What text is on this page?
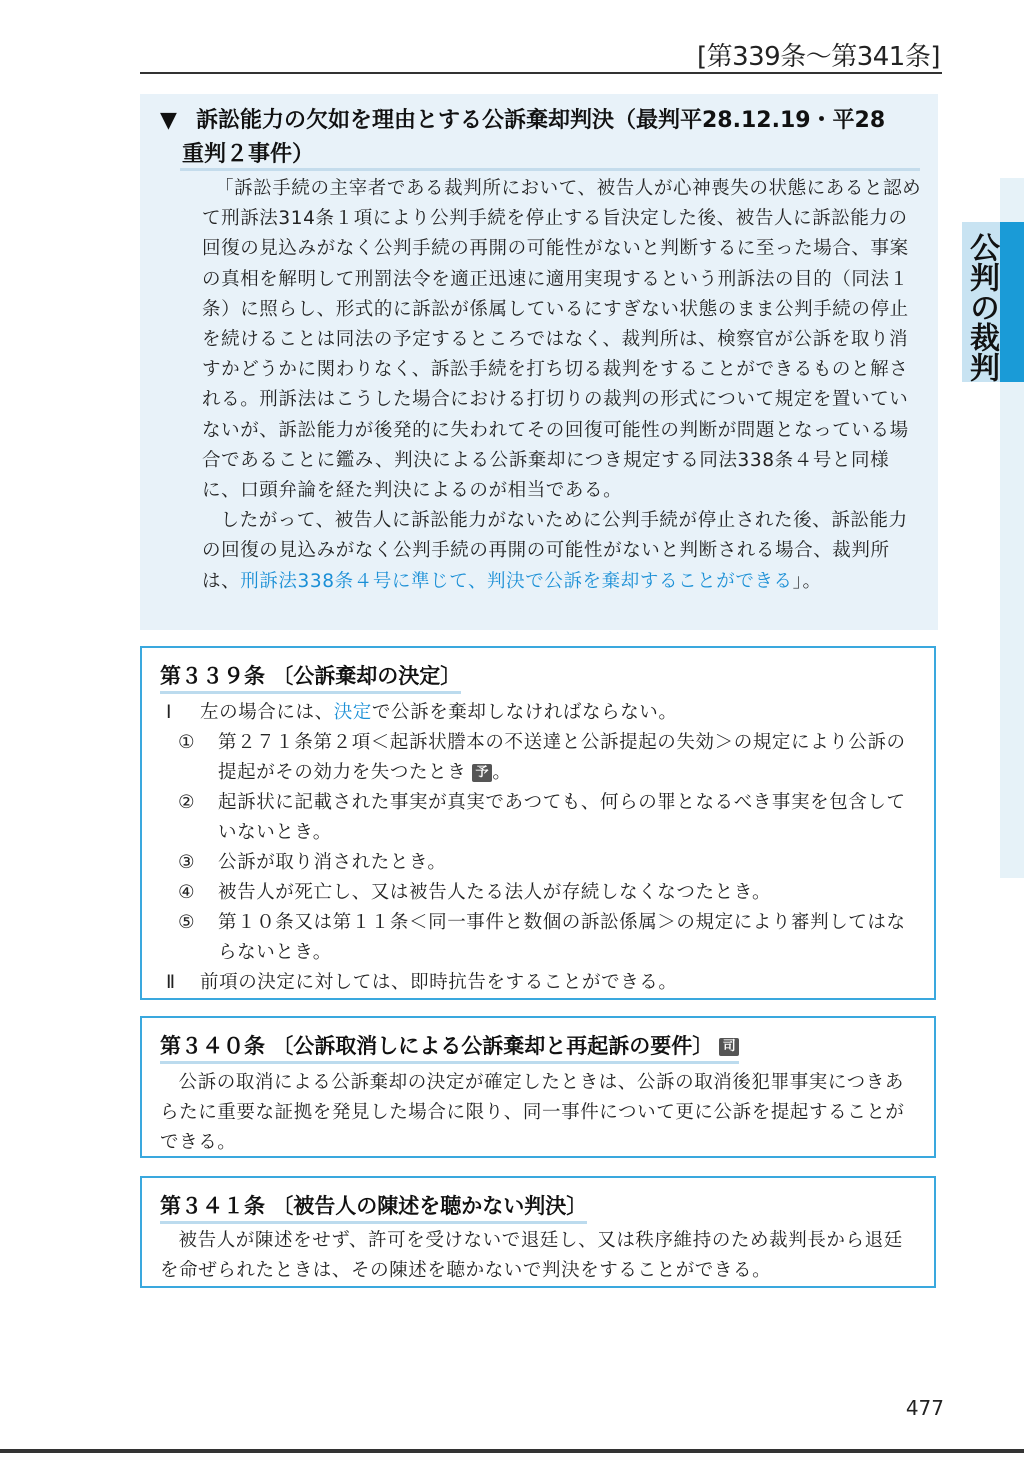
[第339条〜第341条]
公判の裁判
▼ 訴訟能力の欠如を理由とする公訴棄却判決（最判平28.12.19・平28
重判２事件）

「訴訟手続の主宰者である裁判所において、被告人が心神喪失の状態にあると認めて刑訴法314条１項により公判手続を停止する旨決定した後、被告人に訴訟能力の回復の見込みがなく公判手続の再開の可能性がないと判断するに至った場合、事案の真相を解明して刑罰法令を適正迅速に適用実現するという刑訴法の目的（同法１条）に照らし、形式的に訴訟が係属しているにすぎない状態のまま公判手続の停止を続けることは同法の予定するところではなく、裁判所は、検察官が公訴を取り消すかどうかに関わりなく、訴訟手続を打ち切る裁判をすることができるものと解される。刑訴法はこうした場合における打切りの裁判の形式について規定を置いていないが、訴訟能力が後発的に失われてその回復可能性の判断が問題となっている場合であることに鑑み、判決による公訴棄却につき規定する同法338条４号と同様に、口頭弁論を経た判決によるのが相当である。

したがって、被告人に訴訟能力がないために公判手続が停止された後、訴訟能力の回復の見込みがなく公判手続の再開の可能性がないと判断される場合、裁判所は、刑訴法338条４号に準じて、判決で公訴を棄却することができる」。

第３３９条 〔公訴棄却の決定〕
Ⅰ 左の場合には、決定で公訴を棄却しなければならない。
① 第２７１条第２項＜起訴状謄本の不送達と公訴提起の失効＞の規定により公訴の提起がその効力を失つたとき 予 。
② 起訴状に記載された事実が真実であつても、何らの罪となるべき事実を包含していないとき。
③ 公訴が取り消されたとき。
④ 被告人が死亡し、又は被告人たる法人が存続しなくなつたとき。
⑤ 第１０条又は第１１条＜同一事件と数個の訴訟係属＞の規定により審判してはならないとき。
Ⅱ 前項の決定に対しては、即時抗告をすることができる。
第３４０条 〔公訴取消しによる公訴棄却と再起訴の要件〕 司

公訴の取消による公訴棄却の決定が確定したときは、公訴の取消後犯罪事実につきあらたに重要な証拠を発見した場合に限り、同一事件について更に公訴を提起することができる。

第３４１条 〔被告人の陳述を聴かない判決〕

被告人が陳述をせず、許可を受けないで退廷し、又は秩序維持のため裁判長から退廷を命ぜられたときは、その陳述を聴かないで判決をすることができる。

477
